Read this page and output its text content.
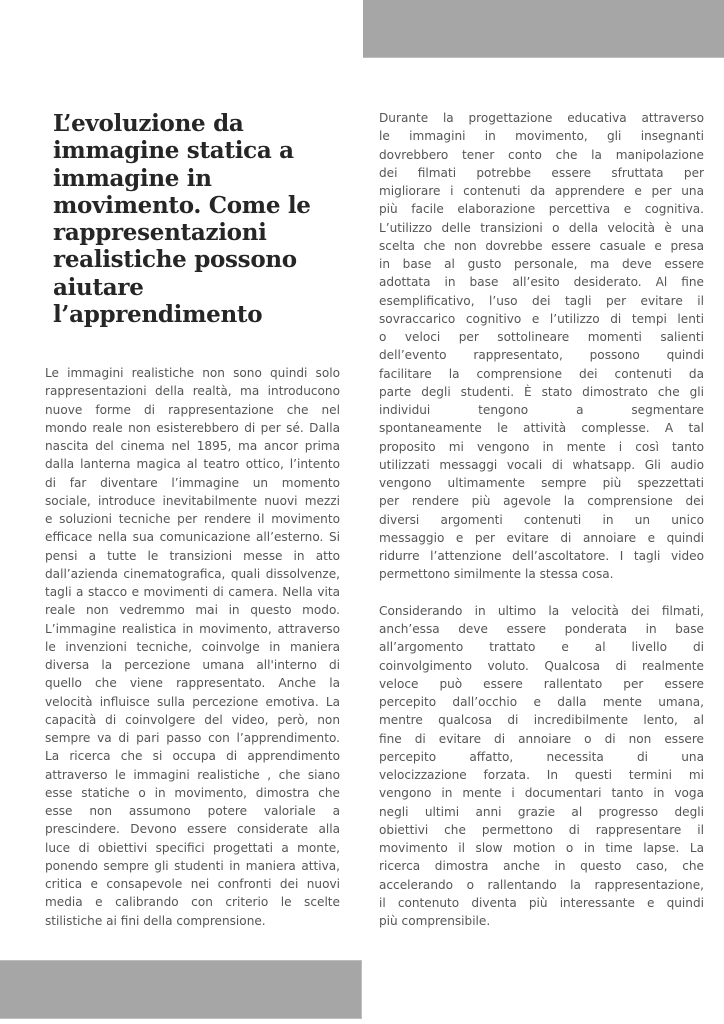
L’evoluzione da
immagine statica a
immagine in
movimento. Come le
rappresentazioni
realistiche possono
aiutare
l’apprendimento

Le immagini realistiche non sono quindi solo
rappresentazioni della realtà, ma introducono
nuove forme di rappresentazione che nel
mondo reale non esisterebbero di per sé. Dalla
nascita del cinema nel 1895, ma ancor prima
dalla lanterna magica al teatro ottico, l’intento
di far diventare l’immagine un momento
sociale, introduce inevitabilmente nuovi mezzi
e soluzioni tecniche per rendere il movimento
efficace nella sua comunicazione all’esterno. Si
pensi a tutte le transizioni messe in atto
dall’azienda cinematografica, quali dissolvenze,
tagli a stacco e movimenti di camera. Nella vita
reale non vedremmo mai in questo modo.
L’immagine realistica in movimento, attraverso
le invenzioni tecniche, coinvolge in maniera
diversa la percezione umana all'interno di
quello che viene rappresentato. Anche la
velocità influisce sulla percezione emotiva. La
capacità di coinvolgere del video, però, non
sempre va di pari passo con l’apprendimento.
La ricerca che si occupa di apprendimento
attraverso le immagini realistiche , che siano
esse statiche o in movimento, dimostra che
esse non assumono potere valoriale a
prescindere. Devono essere considerate alla
luce di obiettivi specifici progettati a monte,
ponendo sempre gli studenti in maniera attiva,
critica e consapevole nei confronti dei nuovi
media e calibrando con criterio le scelte
stilistiche ai fini della comprensione.

Durante la progettazione educativa attraverso
le immagini in movimento, gli insegnanti
dovrebbero tener conto che la manipolazione
dei filmati potrebbe essere sfruttata per
migliorare i contenuti da apprendere e per una
più facile elaborazione percettiva e cognitiva.
L’utilizzo delle transizioni o della velocità è una
scelta che non dovrebbe essere casuale e presa
in base al gusto personale, ma deve essere
adottata in base all’esito desiderato. Al fine
esemplificativo, l’uso dei tagli per evitare il
sovraccarico cognitivo e l’utilizzo di tempi lenti
o veloci per sottolineare momenti salienti
dell’evento rappresentato, possono quindi
facilitare la comprensione dei contenuti da
parte degli studenti. È stato dimostrato che gli
individui tengono a segmentare
spontaneamente le attività complesse. A tal
proposito mi vengono in mente i così tanto
utilizzati messaggi vocali di whatsapp. Gli audio
vengono ultimamente sempre più spezzettati
per rendere più agevole la comprensione dei
diversi argomenti contenuti in un unico
messaggio e per evitare di annoiare e quindi
ridurre l’attenzione dell’ascoltatore. I tagli video
permettono similmente la stessa cosa.

Considerando in ultimo la velocità dei filmati,
anch’essa deve essere ponderata in base
all’argomento trattato e al livello di
coinvolgimento voluto. Qualcosa di realmente
veloce può essere rallentato per essere
percepito dall’occhio e dalla mente umana,
mentre qualcosa di incredibilmente lento, al
fine di evitare di annoiare o di non essere
percepito affatto, necessita di una
velocizzazione forzata. In questi termini mi
vengono in mente i documentari tanto in voga
negli ultimi anni grazie al progresso degli
obiettivi che permettono di rappresentare il
movimento il slow motion o in time lapse. La
ricerca dimostra anche in questo caso, che
accelerando o rallentando la rappresentazione,
il contenuto diventa più interessante e quindi
più comprensibile.
